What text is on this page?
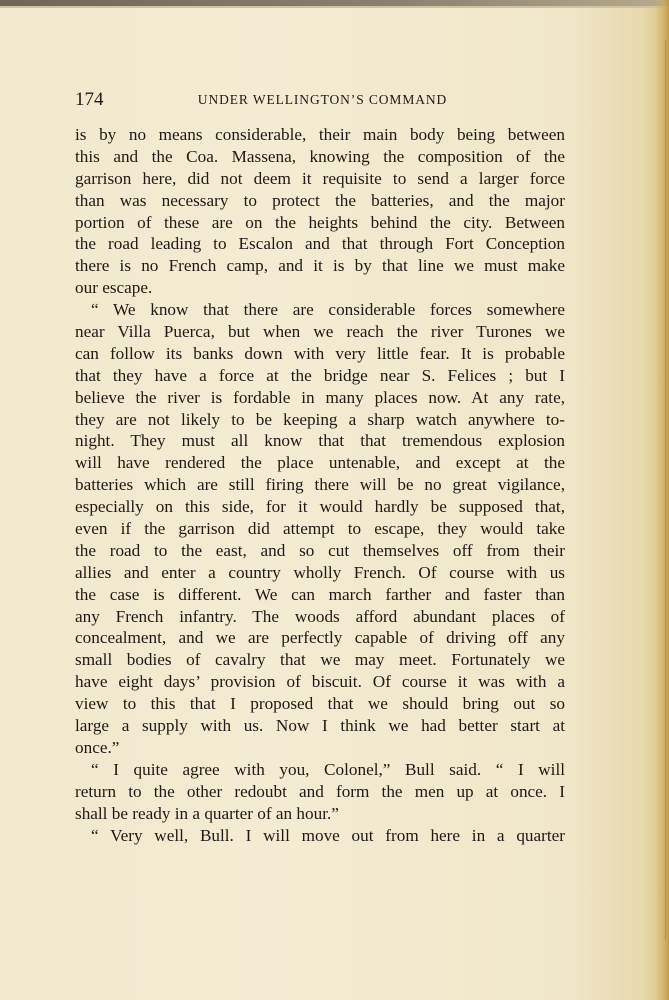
174	UNDER WELLINGTON’S COMMAND
is by no means considerable, their main body being between
this and the Coa. Massena, knowing the composition of the
garrison here, did not deem it requisite to send a larger force
than was necessary to protect the batteries, and the major
portion of these are on the heights behind the city. Between
the road leading to Escalon and that through Fort Conception
there is no French camp, and it is by that line we must make
our escape.
“ We know that there are considerable forces somewhere
near Villa Puerca, but when we reach the river Turones we
can follow its banks down with very little fear. It is probable
that they have a force at the bridge near S. Felices ; but I
believe the river is fordable in many places now. At any rate,
they are not likely to be keeping a sharp watch anywhere to-
night. They must all know that that tremendous explosion
will have rendered the place untenable, and except at the
batteries which are still firing there will be no great vigilance,
especially on this side, for it would hardly be supposed that,
even if the garrison did attempt to escape, they would take
the road to the east, and so cut themselves off from their
allies and enter a country wholly French. Of course with us
the case is different. We can march farther and faster than
any French infantry. The woods afford abundant places of
concealment, and we are perfectly capable of driving off any
small bodies of cavalry that we may meet. Fortunately we
have eight days’ provision of biscuit. Of course it was with a
view to this that I proposed that we should bring out so
large a supply with us. Now I think we had better start at
once.”
“ I quite agree with you, Colonel,” Bull said. “ I will
return to the other redoubt and form the men up at once. I
shall be ready in a quarter of an hour.”
“ Very well, Bull. I will move out from here in a quarter
